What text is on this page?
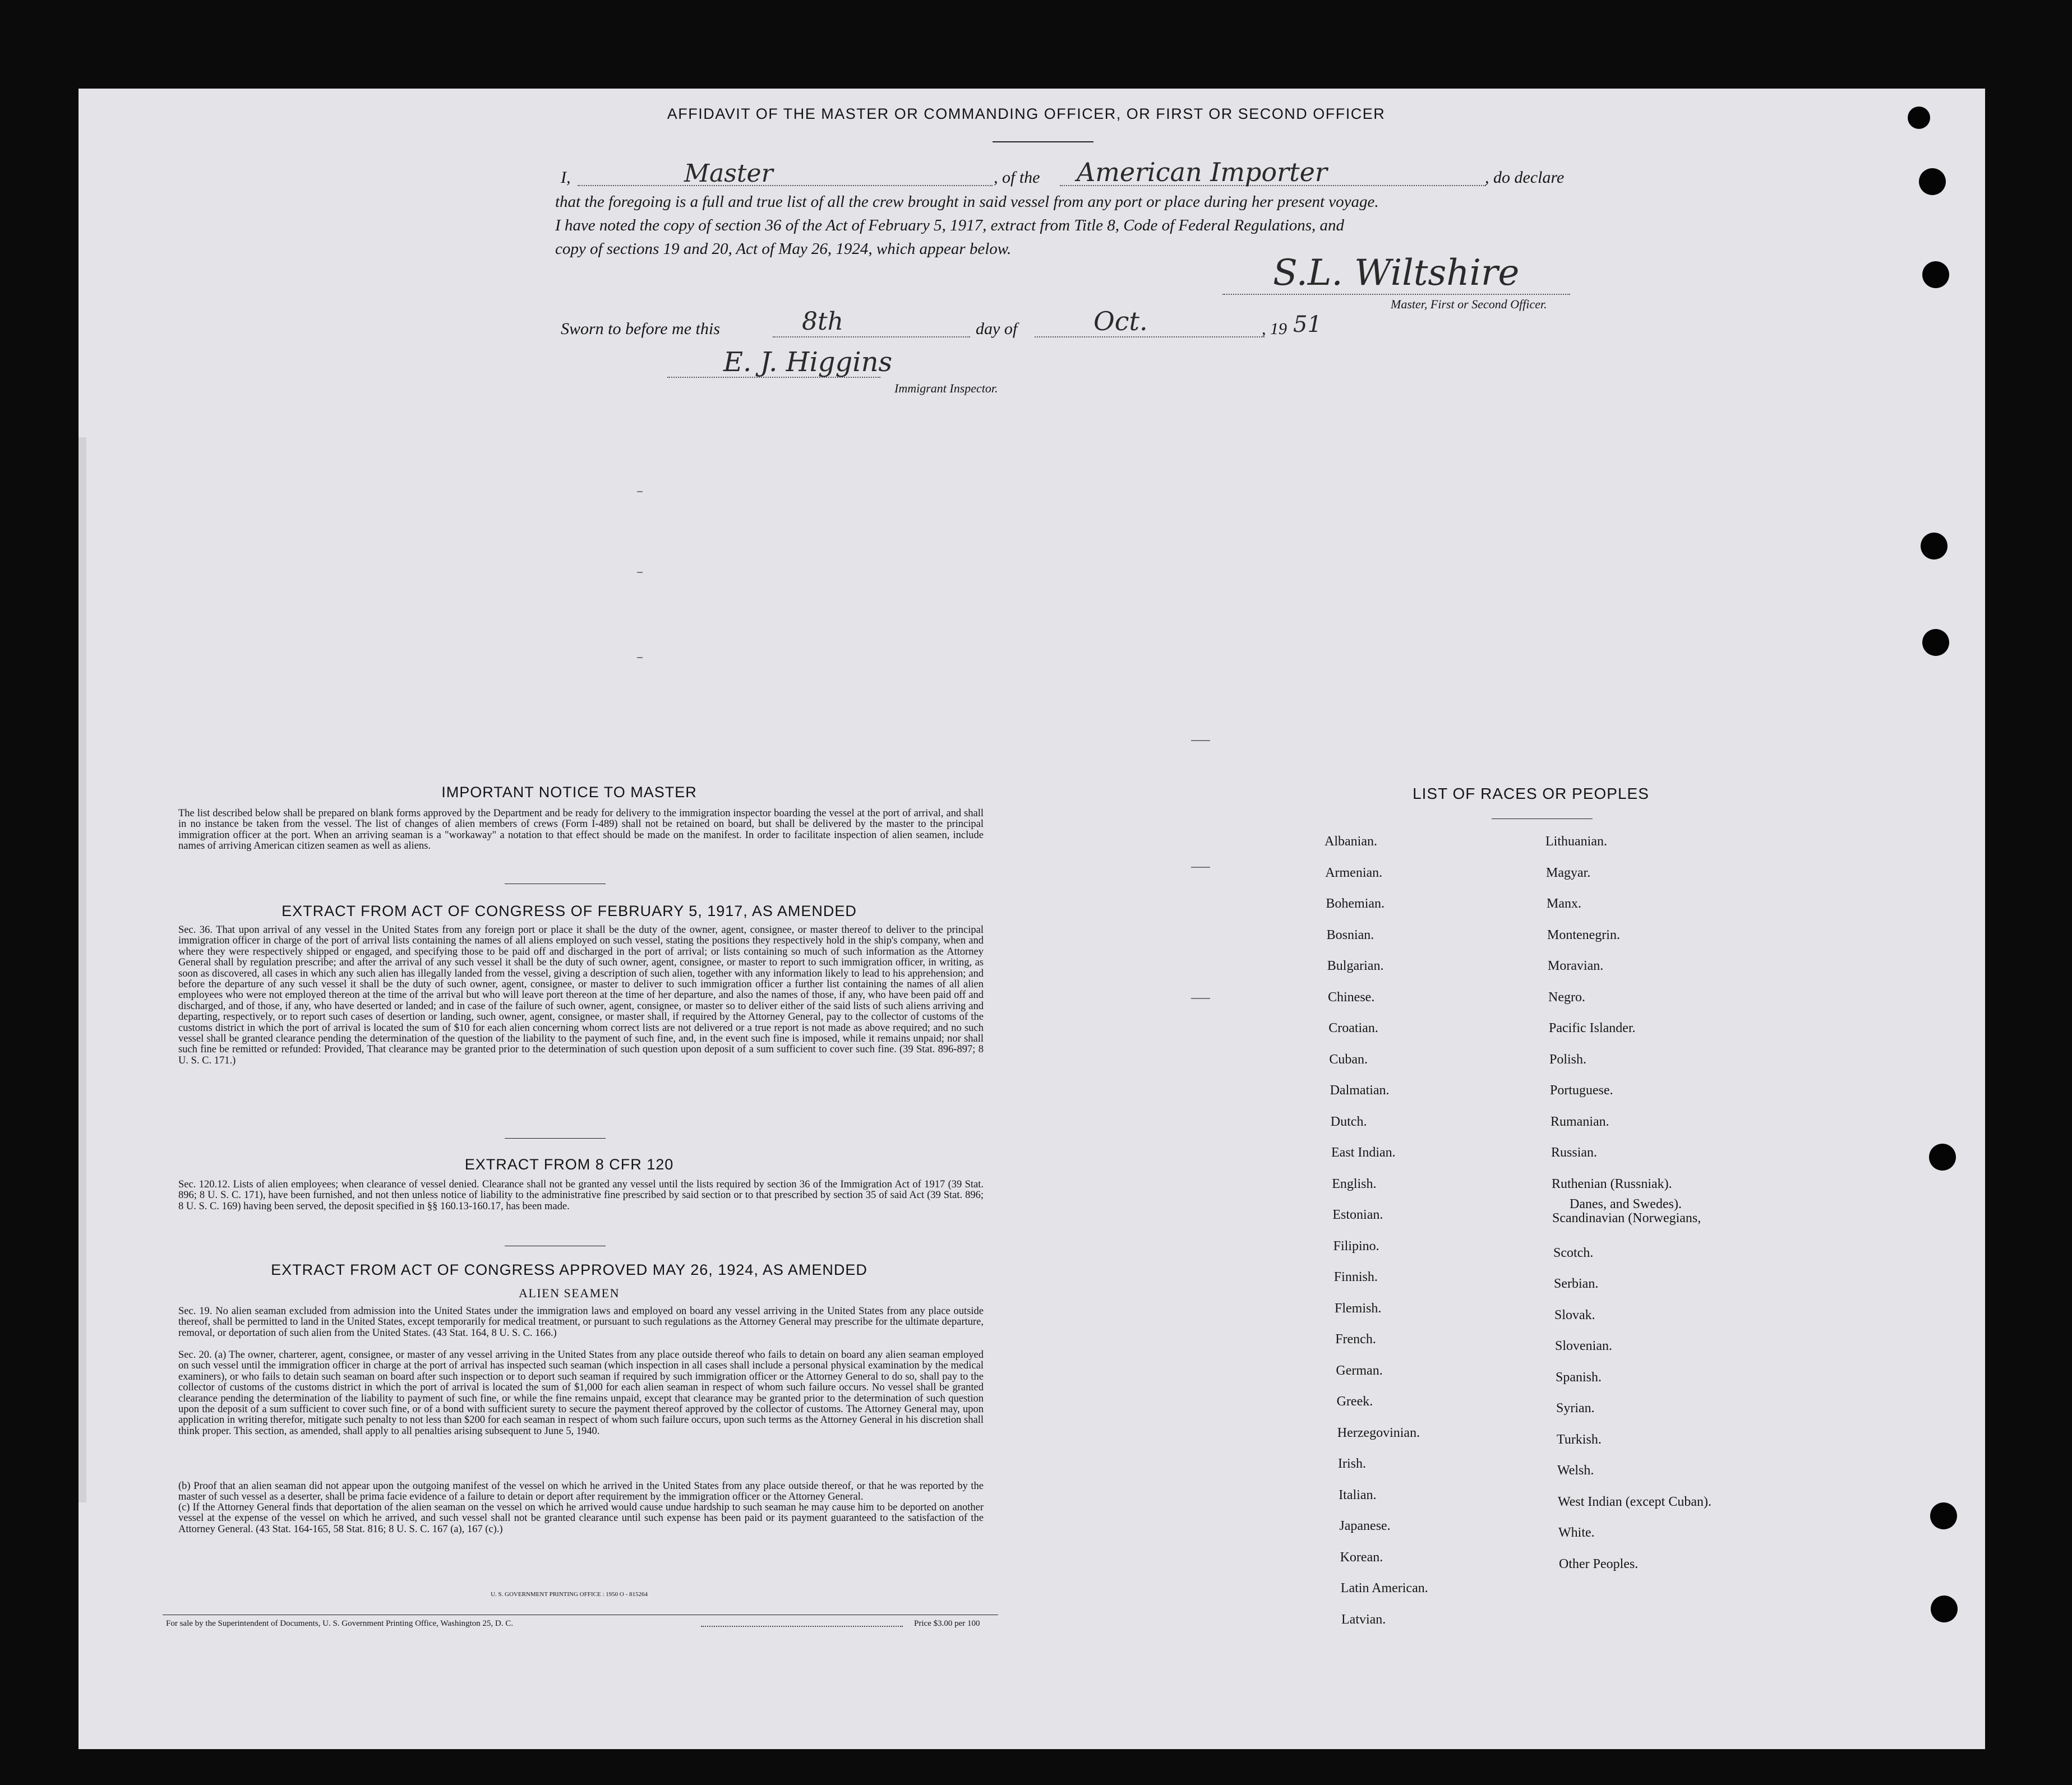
AFFIDAVIT OF THE MASTER OR COMMANDING OFFICER, OR FIRST OR SECOND OFFICER
I,	Master	, of the American Importer	, do declare
that the foregoing is a full and true list of all the crew brought in said vessel from any port or place during her present voyage.
I have noted the copy of section 36 of the Act of February 5, 1917, extract from Title 8, Code of Federal Regulations, and
copy of sections 19 and 20, Act of May 26, 1924, which appear below.
S.L. Wiltshire
Master, First or Second Officer.
Sworn to before me this	8th	day of	Oct.	, 19 51
E. J. Higgins
Immigrant Inspector.
IMPORTANT NOTICE TO MASTER
The list described below shall be prepared on blank forms approved by the Department and be ready for delivery to the immigration inspector boarding the vessel at the port of arrival, and shall in no instance be taken from the vessel. The list of changes of alien members of crews (Form I-489) shall not be retained on board, but shall be delivered by the master to the principal immigration officer at the port. When an arriving seaman is a "workaway" a notation to that effect should be made on the manifest. In order to facilitate inspection of alien seamen, include names of arriving American citizen seamen as well as aliens.
EXTRACT FROM ACT OF CONGRESS OF FEBRUARY 5, 1917, AS AMENDED
Sec. 36. That upon arrival of any vessel in the United States from any foreign port or place it shall be the duty of the owner, agent, consignee, or master thereof to deliver to the principal immigration officer in charge of the port of arrival lists containing the names of all aliens employed on such vessel, stating the positions they respectively hold in the ship's company, when and where they were respectively shipped or engaged, and specifying those to be paid off and discharged in the port of arrival; or lists containing so much of such information as the Attorney General shall by regulation prescribe; and after the arrival of any such vessel it shall be the duty of such owner, agent, consignee, or master to report to such immigration officer, in writing, as soon as discovered, all cases in which any such alien has illegally landed from the vessel, giving a description of such alien, together with any information likely to lead to his apprehension; and before the departure of any such vessel it shall be the duty of such owner, agent, consignee, or master to deliver to such immigration officer a further list containing the names of all alien employees who were not employed thereon at the time of the arrival but who will leave port thereon at the time of her departure, and also the names of those, if any, who have been paid off and discharged, and of those, if any, who have deserted or landed; and in case of the failure of such owner, agent, consignee, or master so to deliver either of the said lists of such aliens arriving and departing, respectively, or to report such cases of desertion or landing, such owner, agent, consignee, or master shall, if required by the Attorney General, pay to the collector of customs of the customs district in which the port of arrival is located the sum of $10 for each alien concerning whom correct lists are not delivered or a true report is not made as above required; and no such vessel shall be granted clearance pending the determination of the question of the liability to the payment of such fine, and, in the event such fine is imposed, while it remains unpaid; nor shall such fine be remitted or refunded: Provided, That clearance may be granted prior to the determination of such question upon deposit of a sum sufficient to cover such fine. (39 Stat. 896-897; 8 U. S. C. 171.)
EXTRACT FROM 8 CFR 120
Sec. 120.12. Lists of alien employees; when clearance of vessel denied. Clearance shall not be granted any vessel until the lists required by section 36 of the Immigration Act of 1917 (39 Stat. 896; 8 U. S. C. 171), have been furnished, and not then unless notice of liability to the administrative fine prescribed by said section or to that prescribed by section 35 of said Act (39 Stat. 896; 8 U. S. C. 169) having been served, the deposit specified in §§ 160.13-160.17, has been made.
EXTRACT FROM ACT OF CONGRESS APPROVED MAY 26, 1924, AS AMENDED
ALIEN SEAMEN
Sec. 19. No alien seaman excluded from admission into the United States under the immigration laws and employed on board any vessel arriving in the United States from any place outside thereof, shall be permitted to land in the United States, except temporarily for medical treatment, or pursuant to such regulations as the Attorney General may prescribe for the ultimate departure, removal, or deportation of such alien from the United States. (43 Stat. 164, 8 U. S. C. 166.)
Sec. 20. (a) The owner, charterer, agent, consignee, or master of any vessel arriving in the United States from any place outside thereof who fails to detain on board any alien seaman employed on such vessel until the immigration officer in charge at the port of arrival has inspected such seaman (which inspection in all cases shall include a personal physical examination by the medical examiners), or who fails to detain such seaman on board after such inspection or to deport such seaman if required by such immigration officer or the Attorney General to do so, shall pay to the collector of customs of the customs district in which the port of arrival is located the sum of $1,000 for each alien seaman in respect of whom such failure occurs. No vessel shall be granted clearance pending the determination of the liability to payment of such fine, or while the fine remains unpaid, except that clearance may be granted prior to the determination of such question upon the deposit of a sum sufficient to cover such fine, or of a bond with sufficient surety to secure the payment thereof approved by the collector of customs. The Attorney General may, upon application in writing therefor, mitigate such penalty to not less than $200 for each seaman in respect of whom such failure occurs, upon such terms as the Attorney General in his discretion shall think proper. This section, as amended, shall apply to all penalties arising subsequent to June 5, 1940.
(b) Proof that an alien seaman did not appear upon the outgoing manifest of the vessel on which he arrived in the United States from any place outside thereof, or that he was reported by the master of such vessel as a deserter, shall be prima facie evidence of a failure to detain or deport after requirement by the immigration officer or the Attorney General.
(c) If the Attorney General finds that deportation of the alien seaman on the vessel on which he arrived would cause undue hardship to such seaman he may cause him to be deported on another vessel at the expense of the vessel on which he arrived, and such vessel shall not be granted clearance until such expense has been paid or its payment guaranteed to the satisfaction of the Attorney General. (43 Stat. 164-165, 58 Stat. 816; 8 U. S. C. 167 (a), 167 (c).)
U. S. GOVERNMENT PRINTING OFFICE : 1950 O - 815264
For sale by the Superintendent of Documents, U. S. Government Printing Office, Washington 25, D. C.	Price $3.00 per 100
LIST OF RACES OR PEOPLES
Albanian.
Armenian.
Bohemian.
Bosnian.
Bulgarian.
Chinese.
Croatian.
Cuban.
Dalmatian.
Dutch.
East Indian.
English.
Estonian.
Filipino.
Finnish.
Flemish.
French.
German.
Greek.
Herzegovinian.
Irish.
Italian.
Japanese.
Korean.
Latin American.
Latvian.
Lithuanian.
Magyar.
Manx.
Montenegrin.
Moravian.
Negro.
Pacific Islander.
Polish.
Portuguese.
Rumanian.
Russian.
Ruthenian (Russniak).
Scandinavian (Norwegians,
Danes, and Swedes).
Scotch.
Serbian.
Slovak.
Slovenian.
Spanish.
Syrian.
Turkish.
Welsh.
West Indian (except Cuban).
White.
Other Peoples.
